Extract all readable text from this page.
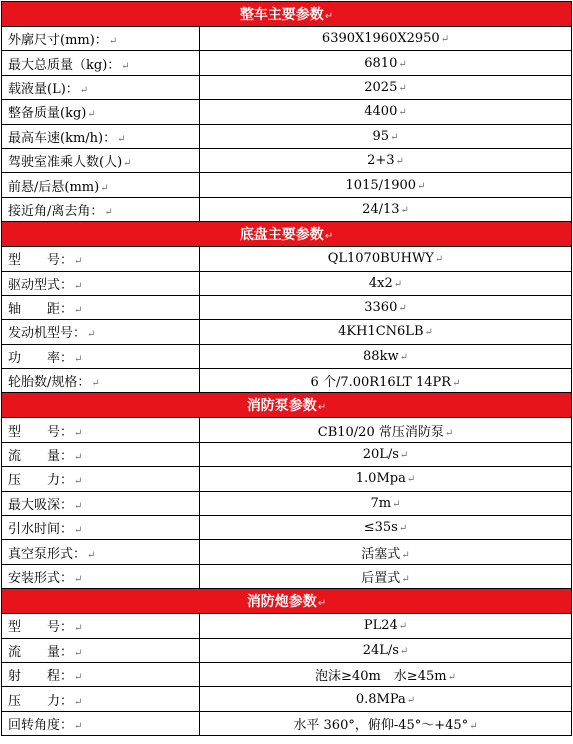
整车主要参数↵	
外廓尺寸(mm)：↵	6390X1960X2950↵
最大总质量（kg)：↵	6810↵
载液量(L)：↵	2025↵
整备质量(kg)↵	4400↵
最高车速(km/h)：↵	95↵
驾驶室准乘人数(人)↵	2+3↵
前悬/后悬(mm)↵	1015/1900↵
接近角/离去角：↵	24/13↵
底盘主要参数↵	
型　　号：↵	QL1070BUHWY↵
驱动型式：↵	4x2↵
轴　　距：↵	3360↵
发动机型号：↵	4KH1CN6LB↵
功　　率：↵	88kw↵
轮胎数/规格：↵	6 个/7.00R16LT 14PR↵
消防泵参数↵	
型　　号：↵	CB10/20 常压消防泵↵
流　　量：↵	20L/s↵
压　　力：↵	1.0Mpa↵
最大吸深：↵	7m↵
引水时间：↵	≤35s↵
真空泵形式：↵	活塞式↵
安装形式：↵	后置式↵
消防炮参数↵	
型　　号：↵	PL24↵
流　　量：↵	24L/s↵
射　　程：↵	泡沫≥40m　水≥45m↵
压　　力：↵	0.8MPa↵
回转角度：↵	水平 360°，俯仰-45°～+45°↵
